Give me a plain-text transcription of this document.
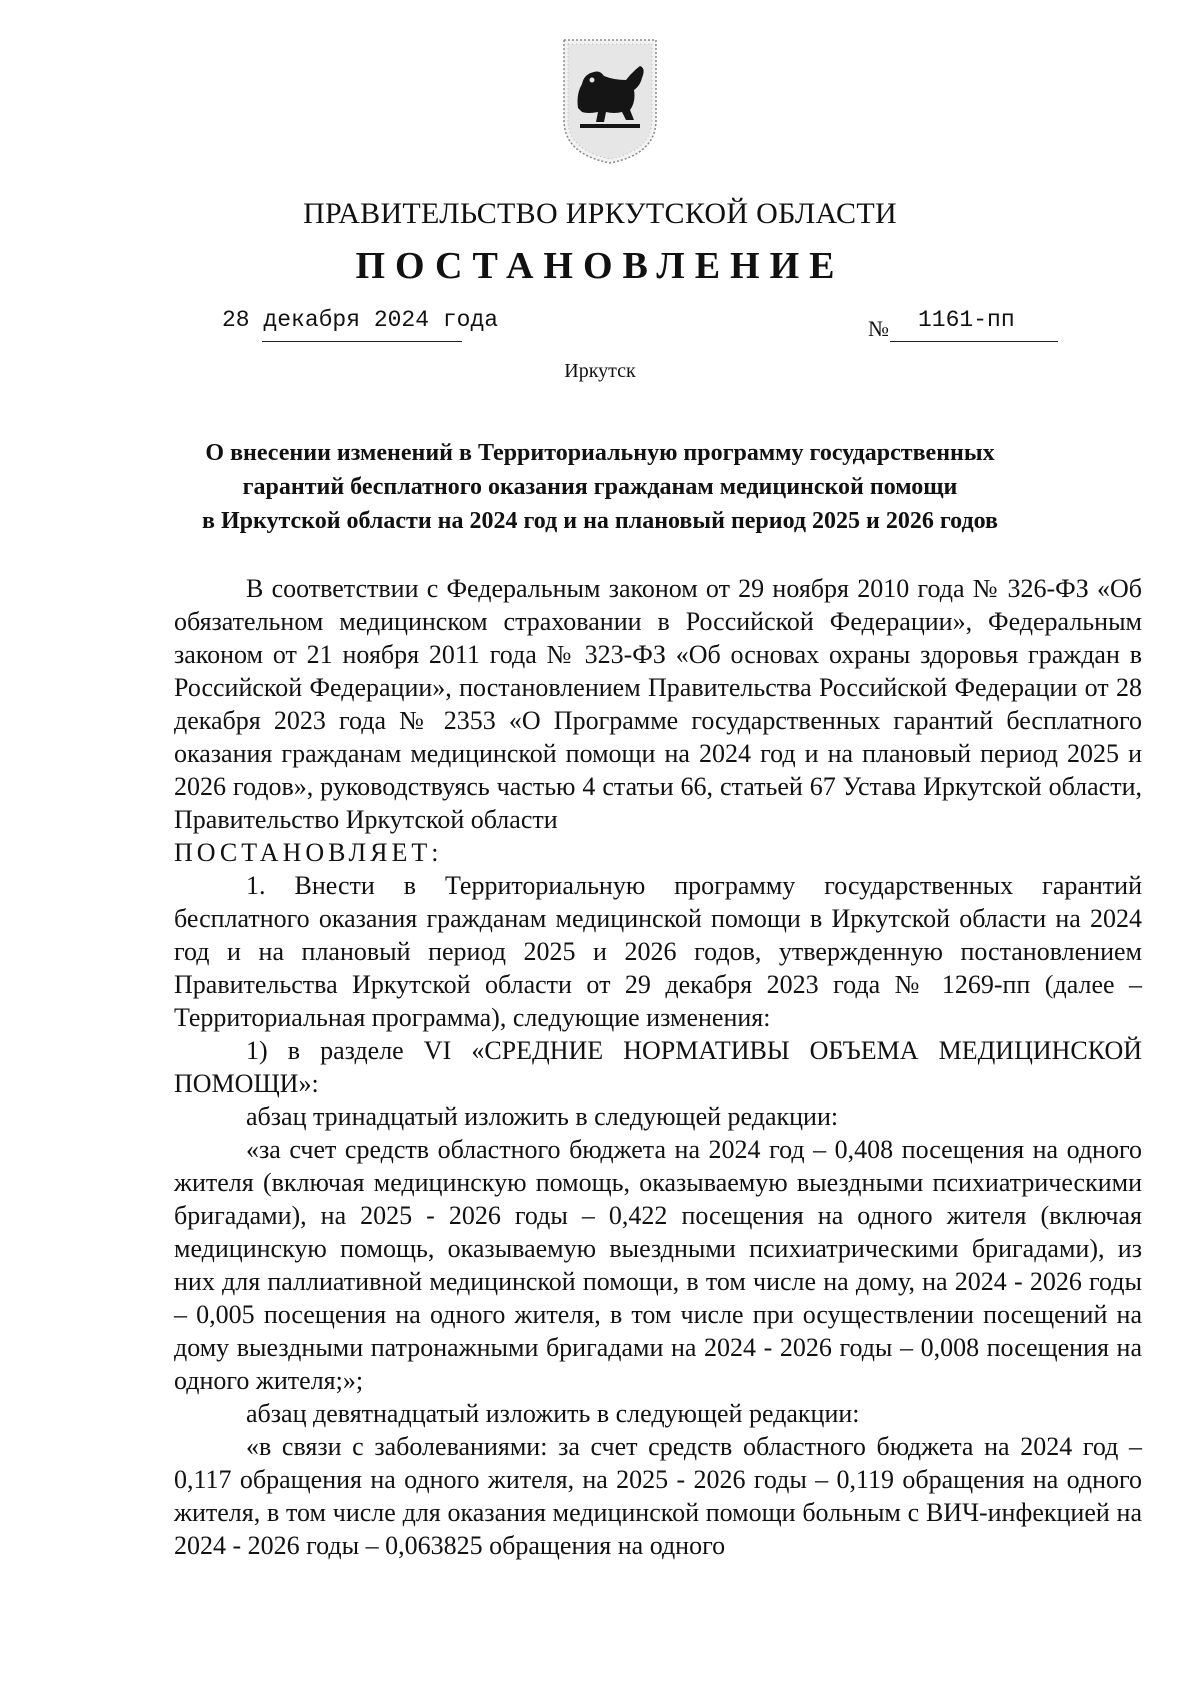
ПРАВИТЕЛЬСТВО ИРКУТСКОЙ ОБЛАСТИ
ПОСТАНОВЛЕНИЕ
28 декабря 2024 года	№ 1161-пп
Иркутск
О внесении изменений в Территориальную программу государственных
гарантий бесплатного оказания гражданам медицинской помощи
в Иркутской области на 2024 год и на плановый период 2025 и 2026 годов

В соответствии с Федеральным законом от 29 ноября 2010 года № 326-ФЗ «Об обязательном медицинском страховании в Российской Федерации», Федеральным законом от 21 ноября 2011 года № 323-ФЗ «Об основах охраны здоровья граждан в Российской Федерации», постановлением Правительства Российской Федерации от 28 декабря 2023 года № 2353 «О Программе государственных гарантий бесплатного оказания гражданам медицинской помощи на 2024 год и на плановый период 2025 и 2026 годов», руководствуясь частью 4 статьи 66, статьей 67 Устава Иркутской области, Правительство Иркутской области

ПОСТАНОВЛЯЕТ:

1. Внести в Территориальную программу государственных гарантий бесплатного оказания гражданам медицинской помощи в Иркутской области на 2024 год и на плановый период 2025 и 2026 годов, утвержденную постановлением Правительства Иркутской области от 29 декабря 2023 года № 1269-пп (далее – Территориальная программа), следующие изменения:

1) в разделе VI «СРЕДНИЕ НОРМАТИВЫ ОБЪЕМА МЕДИЦИНСКОЙ ПОМОЩИ»:

абзац тринадцатый изложить в следующей редакции:

«за счет средств областного бюджета на 2024 год – 0,408 посещения на одного жителя (включая медицинскую помощь, оказываемую выездными психиатрическими бригадами), на 2025 - 2026 годы – 0,422 посещения на одного жителя (включая медицинскую помощь, оказываемую выездными психиатрическими бригадами), из них для паллиативной медицинской помощи, в том числе на дому, на 2024 - 2026 годы – 0,005 посещения на одного жителя, в том числе при осуществлении посещений на дому выездными патронажными бригадами на 2024 - 2026 годы – 0,008 посещения на одного жителя;»;

абзац девятнадцатый изложить в следующей редакции:

«в связи с заболеваниями: за счет средств областного бюджета на 2024 год – 0,117 обращения на одного жителя, на 2025 - 2026 годы – 0,119 обращения на одного жителя, в том числе для оказания медицинской помощи больным с ВИЧ-инфекцией на 2024 - 2026 годы – 0,063825 обращения на одного
